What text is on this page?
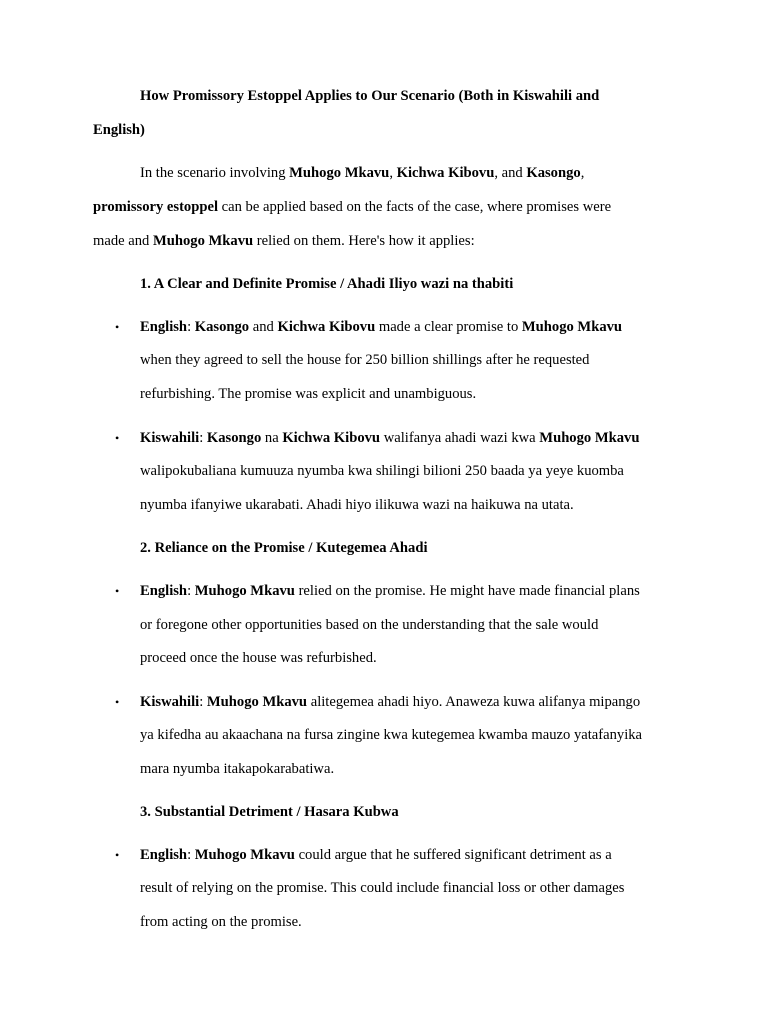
How Promissory Estoppel Applies to Our Scenario (Both in Kiswahili and
English)
In the scenario involving Muhogo Mkavu, Kichwa Kibovu, and Kasongo,
promissory estoppel can be applied based on the facts of the case, where promises were
made and Muhogo Mkavu relied on them. Here's how it applies:
1. A Clear and Definite Promise / Ahadi Iliyo wazi na thabiti
• English: Kasongo and Kichwa Kibovu made a clear promise to Muhogo Mkavu
when they agreed to sell the house for 250 billion shillings after he requested
refurbishing. The promise was explicit and unambiguous.
• Kiswahili: Kasongo na Kichwa Kibovu walifanya ahadi wazi kwa Muhogo Mkavu
walipokubaliana kumuuza nyumba kwa shilingi bilioni 250 baada ya yeye kuomba
nyumba ifanyiwe ukarabati. Ahadi hiyo ilikuwa wazi na haikuwa na utata.
2. Reliance on the Promise / Kutegemea Ahadi
• English: Muhogo Mkavu relied on the promise. He might have made financial plans
or foregone other opportunities based on the understanding that the sale would
proceed once the house was refurbished.
• Kiswahili: Muhogo Mkavu alitegemea ahadi hiyo. Anaweza kuwa alifanya mipango
ya kifedha au akaachana na fursa zingine kwa kutegemea kwamba mauzo yatafanyika
mara nyumba itakapokarabatiwa.
3. Substantial Detriment / Hasara Kubwa
• English: Muhogo Mkavu could argue that he suffered significant detriment as a
result of relying on the promise. This could include financial loss or other damages
from acting on the promise.
